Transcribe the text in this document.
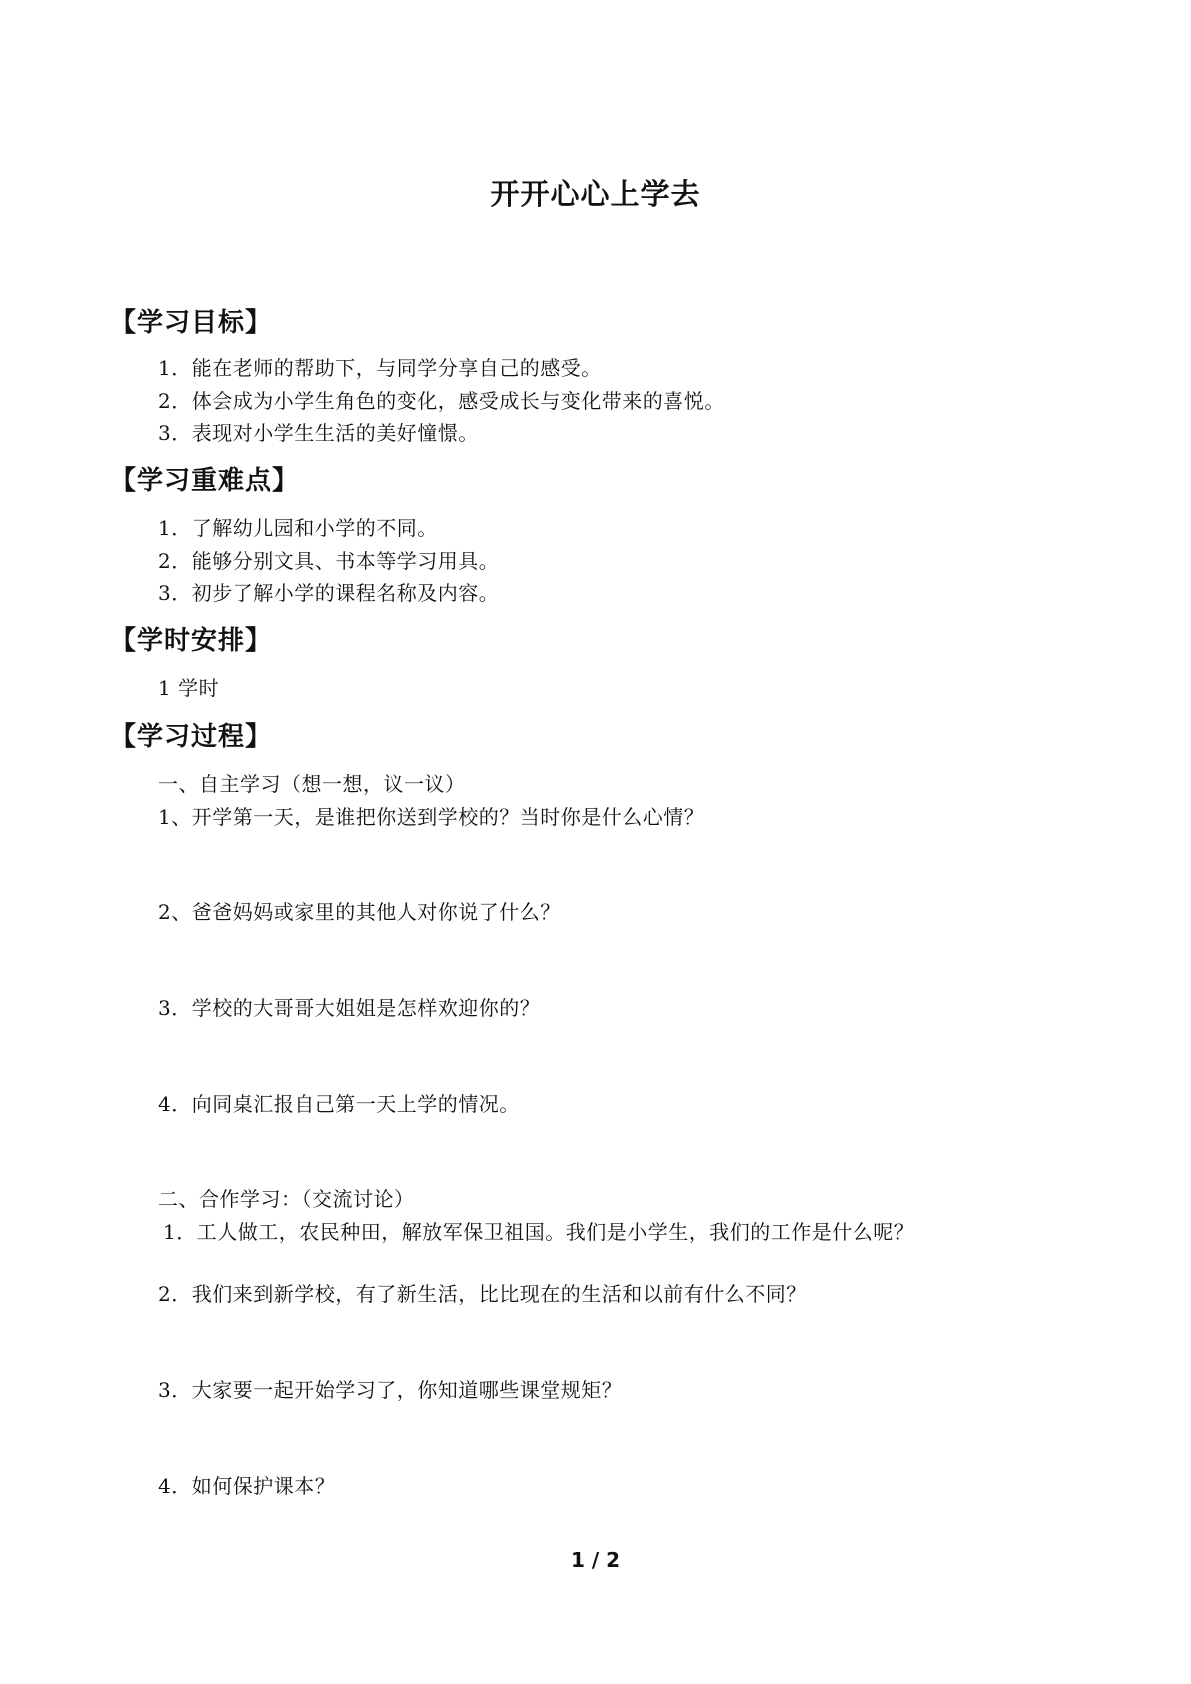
开开心心上学去
【学习目标】
1．能在老师的帮助下，与同学分享自己的感受。
2．体会成为小学生角色的变化，感受成长与变化带来的喜悦。
3．表现对小学生生活的美好憧憬。
【学习重难点】
1．了解幼儿园和小学的不同。
2．能够分别文具、书本等学习用具。
3．初步了解小学的课程名称及内容。
【学时安排】
1 学时
【学习过程】
一、自主学习（想一想，议一议）
1、开学第一天，是谁把你送到学校的？当时你是什么心情？
2、爸爸妈妈或家里的其他人对你说了什么？
3．学校的大哥哥大姐姐是怎样欢迎你的？
4．向同桌汇报自己第一天上学的情况。
二、合作学习：（交流讨论）
1．工人做工，农民种田，解放军保卫祖国。我们是小学生，我们的工作是什么呢？
2．我们来到新学校，有了新生活，比比现在的生活和以前有什么不同？
3．大家要一起开始学习了，你知道哪些课堂规矩？
4．如何保护课本？
1 / 2
